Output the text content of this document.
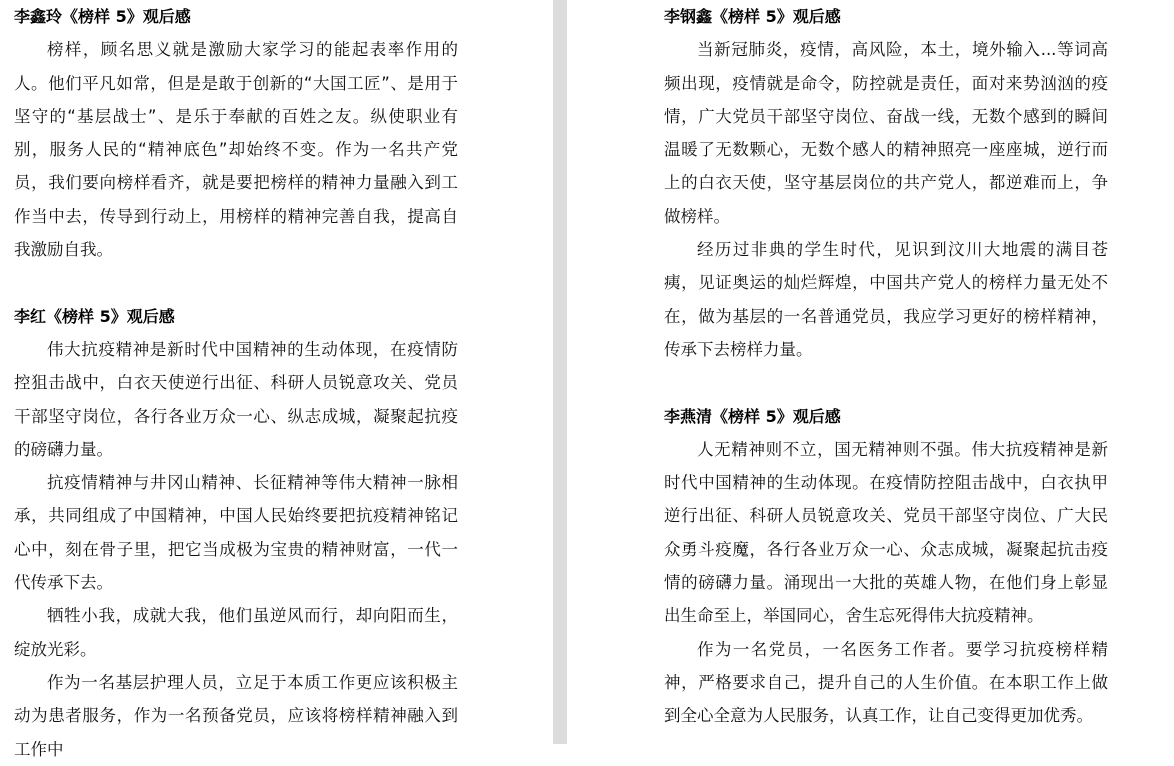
李鑫玲《榜样 5》观后感

榜样，顾名思义就是激励大家学习的能起表率作用的人。他们平凡如常，但是是敢于创新的“大国工匠”、是用于坚守的“基层战士”、是乐于奉献的百姓之友。纵使职业有别，服务人民的“精神底色”却始终不变。作为一名共产党员，我们要向榜样看齐，就是要把榜样的精神力量融入到工作当中去，传导到行动上，用榜样的精神完善自我，提高自我激励自我。

李红《榜样 5》观后感

伟大抗疫精神是新时代中国精神的生动体现，在疫情防控狙击战中，白衣天使逆行出征、科研人员锐意攻关、党员干部坚守岗位，各行各业万众一心、纵志成城，凝聚起抗疫的磅礴力量。

抗疫情精神与井冈山精神、长征精神等伟大精神一脉相承，共同组成了中国精神，中国人民始终要把抗疫精神铭记心中，刻在骨子里，把它当成极为宝贵的精神财富，一代一代传承下去。

牺牲小我，成就大我，他们虽逆风而行，却向阳而生，绽放光彩。

作为一名基层护理人员，立足于本质工作更应该积极主动为患者服务，作为一名预备党员，应该将榜样精神融入到工作中

李钢鑫《榜样 5》观后感

当新冠肺炎，疫情，高风险，本土，境外输入...等词高频出现，疫情就是命令，防控就是责任，面对来势汹汹的疫情，广大党员干部坚守岗位、奋战一线，无数个感到的瞬间温暖了无数颗心，无数个感人的精神照亮一座座城，逆行而上的白衣天使，坚守基层岗位的共产党人，都逆难而上，争做榜样。

经历过非典的学生时代，见识到汶川大地震的满目苍痍，见证奥运的灿烂辉煌，中国共产党人的榜样力量无处不在，做为基层的一名普通党员，我应学习更好的榜样精神，传承下去榜样力量。

李燕清《榜样 5》观后感

人无精神则不立，国无精神则不强。伟大抗疫精神是新时代中国精神的生动体现。在疫情防控阻击战中，白衣执甲逆行出征、科研人员锐意攻关、党员干部坚守岗位、广大民众勇斗疫魔，各行各业万众一心、众志成城，凝聚起抗击疫情的磅礴力量。涌现出一大批的英雄人物，在他们身上彰显出生命至上，举国同心，舍生忘死得伟大抗疫精神。

作为一名党员，一名医务工作者。要学习抗疫榜样精神，严格要求自己，提升自己的人生价值。在本职工作上做到全心全意为人民服务，认真工作，让自己变得更加优秀。
